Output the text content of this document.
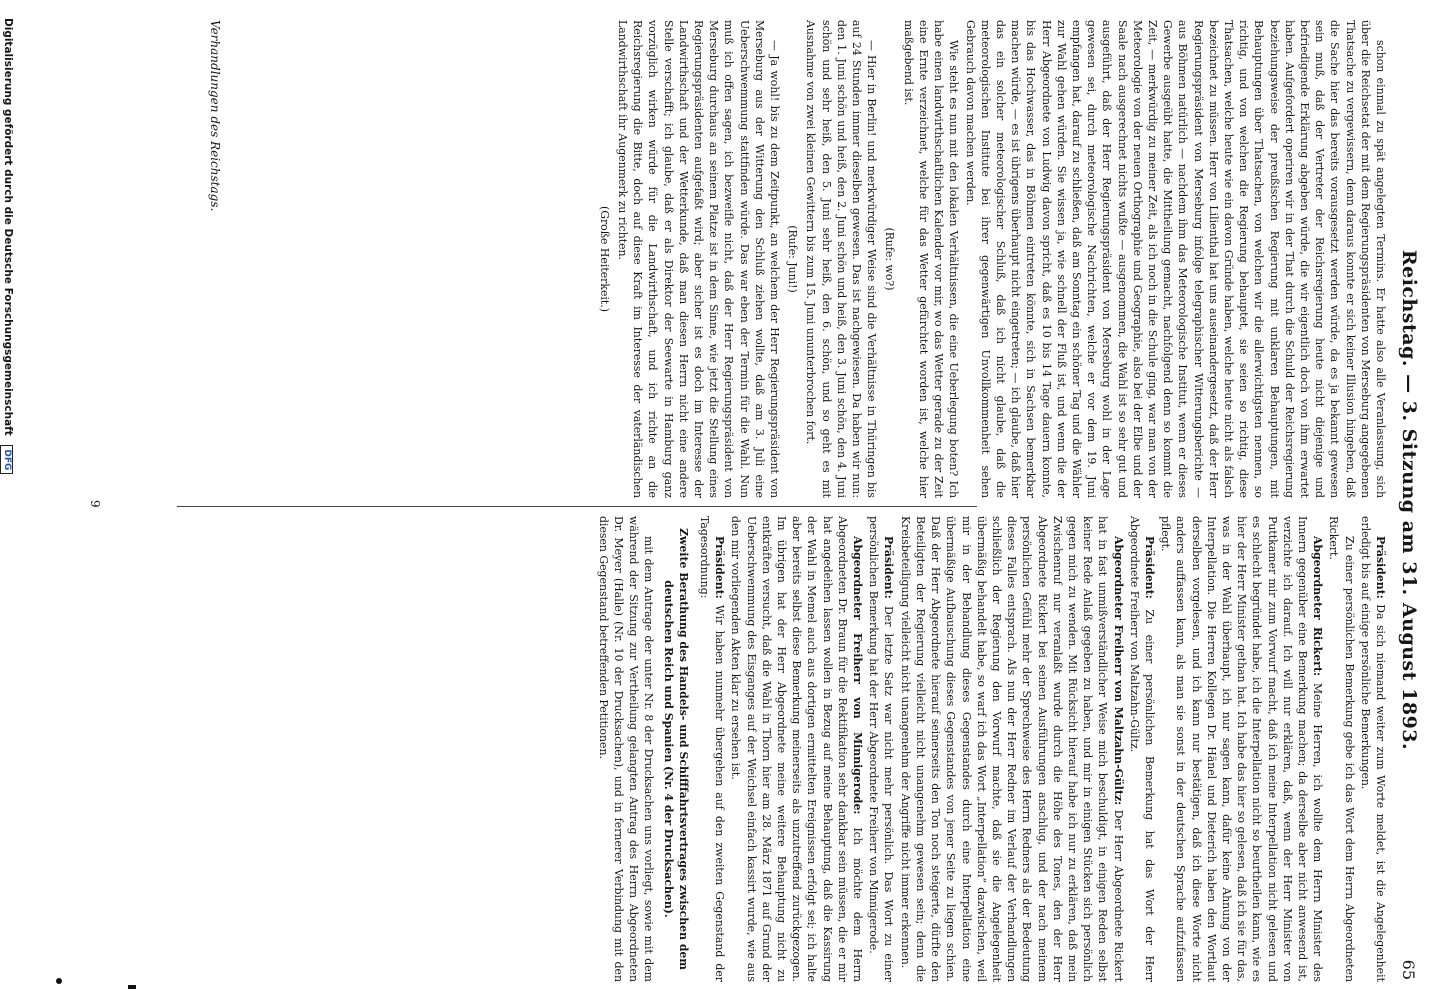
Reichstag. — 3. Sitzung am 31. August 1893.
65

schon einmal zu spät angelegten Termins. Er hatte also alle Veranlassung, sich über die Reichsetat der mit dem Regierungspräsidenten von Merseburg angegebenen Thatsache zu vergewissern, denn daraus konnte er sich keiner Illusion hingeben, daß die Sache hier das bereits vorausgesetzt werden würde, da es ja bekannt gewesen sein muß, daß der Vertreter der Reichsregierung heute nicht diejenige und befriedigende Erklärung abgeben würde, die wir eigentlich doch von ihm erwartet haben. Aufgefordert operiren wir in der That durch die Schuld der Reichsregierung beziehungsweise der preußischen Regierung mit unklaren Behauptungen, mit Behauptungen über Thatsachen, von welchen wir die allerwichtigsten nennen, so richtig, und von welchen die Regierung behauptet, sie seien so richtig, diese Thatsachen, welche heute wie ein davon Gründe haben, welche heute nicht als falsch bezeichnet zu müssen. Herr von Lilienthal hat uns auseinandergesetzt, daß der Herr Regierungspräsident von Merseburg infolge telegraphischer Witterungsberichte — aus Böhmen natürlich — nachdem ihm das Meteorologische Institut, wenn er dieses Gewerbe ausgeübt hatte, die Mittheilung gemacht, nachfolgend denn so kommt die Zeit, — merkwürdig zu meiner Zeit, als ich noch in die Schule ging, war man von der Meteorologie von der neuen Orthographie und Geographie, also bei der Elbe und der Saale nach ausgerechnet nichts wußte — ausgenommen, die Wahl ist so sehr gut und ausgeführt, daß der Herr Regierungspräsident von Merseburg wohl in der Lage gewesen sei, durch meteorologische Nachrichten, welche er vor dem 19. Juni empfangen hat, darauf zu schließen, daß am Sonntag ein schöner Tag und die Wähler zur Wahl gehen würden. Sie wissen ja, wie schnell der Fluß ist, und wenn die der Herr Abgeordnete von Ludwig davon spricht, daß es 10 bis 14 Tage dauern konnte, bis das Hochwasser, das in Böhmen eintreten könnte, sich in Sachsen bemerkbar machen würde, — es ist übrigens überhaupt nicht eingetreten; — ich glaube, daß hier das ein solcher meteorologischer Schluß, daß ich nicht glaube, daß die meteorologischen Institute bei ihrer gegenwärtigen Unvollkommenheit sehen Gebrauch davon machen werden.

Wie steht es nun mit den lokalen Verhältnissen, die eine Ueberlegung boten? Ich habe einen landwirthschaftlichen Kalender vor mir, wo das Wetter gerade zu der Zeit eine Ernte verzeichnet, welche für das Wetter gefürchtet worden ist, welche hier maßgebend ist.

(Rufe: wo?)

— Hier in Berlin! und merkwürdiger Weise sind die Verhältnisse in Thüringen bis auf 24 Stunden immer dieselben gewesen. Das ist nachgewiesen. Da haben wir nun: den 1. Juni schön und heiß, den 2. Juni schön und heiß, den 3. Juni schön, den 4. Juni schön und sehr heiß, den 5. Juni sehr heiß, den 6. schön, und so geht es mit Ausnahme von zwei kleinen Gewittern bis zum 15. Juni ununterbrochen fort.

(Rufe: Juni!)

— Ja wohl! bis zu dem Zeitpunkt, an welchem der Herr Regierungspräsident von Merseburg aus der Witterung den Schluß ziehen wollte, daß am 3. Juli eine Ueberschwemmung stattfinden würde. Das war eben der Termin für die Wahl. Nun muß ich offen sagen, ich bezweifle nicht, daß der Herr Regierungspräsident von Merseburg durchaus an seinem Platze ist in dem Sinne, wie jetzt die Stellung eines Regierungspräsidenten aufgefaßt wird; aber sicher ist es doch im Interesse der Landwirthschaft und der Wetterkunde, daß man diesen Herrn nicht eine andere Stelle verschafft; ich glaube, daß er als Direktor der Seewarte in Hamburg ganz vorzüglich wirken würde für die Landwirthschaft, und ich richte an die Reichsregierung die Bitte, doch auf diese Kraft im Interesse der vaterländischen Landwirthschaft ihr Augenmerk zu richten.

(Große Heiterkeit.)

Präsident: Da sich niemand weiter zum Worte meldet, ist die Angelegenheit erledigt bis auf einige persönliche Bemerkungen.

Zu einer persönlichen Bemerkung gebe ich das Wort dem Herrn Abgeordneten Rickert.

Abgeordneter Rickert: Meine Herren, ich wollte dem Herrn Minister des Innern gegenüber eine Bemerkung machen; da derselbe aber nicht anwesend ist, verzichte ich darauf. Ich will nur erklären, daß, wenn der Herr Minister von Puttkamer mir zum Vorwurf macht, daß ich meine Interpellation nicht gelesen und es schlecht begründet habe, ich die Interpellation nicht so beurtheilen kann, wie es hier der Herr Minister gethan hat. Ich habe das hier so gelesen, daß ich sie für das, was in der Wahl überhaupt, ich nur sagen kann, dafür keine Ahnung von der Interpellation. Die Herren Kollegen Dr. Hänel und Dieterich haben den Wortlaut derselben vorgelesen, und ich kann nur bestätigen, daß ich diese Worte nicht anders auffassen kann, als man sie sonst in der deutschen Sprache aufzufassen pflegt.

Präsident: Zu einer persönlichen Bemerkung hat das Wort der Herr Abgeordnete Freiherr von Maltzahn-Gültz.

Abgeordneter Freiherr von Maltzahn-Gültz: Der Herr Abgeordnete Rickert hat in fast unmißverständlicher Weise mich beschuldigt, in einigen Reden selbst keiner Rede Anlaß gegeben zu haben, und mir in einigen Stücken sich persönlich gegen mich zu wenden. Mit Rücksicht hierauf habe ich nur zu erklären, daß mein Zwischenruf nur veranlaßt wurde durch die Höhe des Tones, den der Herr Abgeordnete Rickert bei seinen Ausführungen anschlug, und der nach meinem persönlichen Gefühl mehr der Sprechweise des Herrn Redners als der Bedeutung dieses Falles entsprach. Als nun der Herr Redner im Verlauf der Verhandlungen schließlich der Regierung den Vorwurf machte, daß sie die Angelegenheit übermäßig behandelt habe, so warf ich das Wort „Interpellation“ dazwischen, weil mir in der Behandlung dieses Gegenstandes durch eine Interpellation eine übermäßige Aufbauschung dieses Gegenstandes von jener Seite zu liegen schien. Daß der Herr Abgeordnete hierauf seinerseits den Ton noch steigerte, dürfte den Beteiligten der Regierung vielleicht nicht unangenehm gewesen sein; denn die Kreisbeteiligung vielleicht nicht unangenehm der Angriffe nicht immer erkennen.

Präsident: Der letzte Satz war nicht mehr persönlich. Das Wort zu einer persönlichen Bemerkung hat der Herr Abgeordnete Freiherr von Minnigerode.

Abgeordneter Freiherr von Minnigerode: Ich möchte dem Herrn Abgeordneten Dr. Braun für die Rektifikation sehr dankbar sein müssen, die er mir hat angedeihen lassen wollen in Bezug auf meine Behauptung, daß die Kassirung der Wahl in Memel auch aus dortigen ermittelten Ereignissen erfolgt sei; ich halte aber bereits selbst diese Bemerkung meinerseits als unzutreffend zurückgezogen. Im übrigen hat der Herr Abgeordnete meine weitere Behauptung nicht zu entkräften versucht, daß die Wahl in Thorn hier am 28. März 1871 auf Grund der Ueberschwemmung des Eisganges auf der Weichsel einfach kassirt wurde, wie aus den mir vorliegenden Akten klar zu ersehen ist.

Präsident: Wir haben nunmehr übergehen auf den zweiten Gegenstand der Tagesordnung:

Zweite Berathung des Handels- und Schifffahrtsvertrages zwischen dem deutschen Reich und Spanien (Nr. 4 der Drucksachen).

mit dem Antrage der unter Nr. 8 der Drucksachen uns vorliegt, sowie mit dem während der Sitzung zur Vertheilung gelangten Antrag des Herrn Abgeordneten Dr. Meyer (Halle) (Nr. 10 der Drucksachen), und in fernerer Verbindung mit den diesen Gegenstand betreffenden Petitionen.

Verhandlungen des Reichstags.
9
Digitalisierung gefördert durch die Deutsche Forschungsgemeinschaft DFG
